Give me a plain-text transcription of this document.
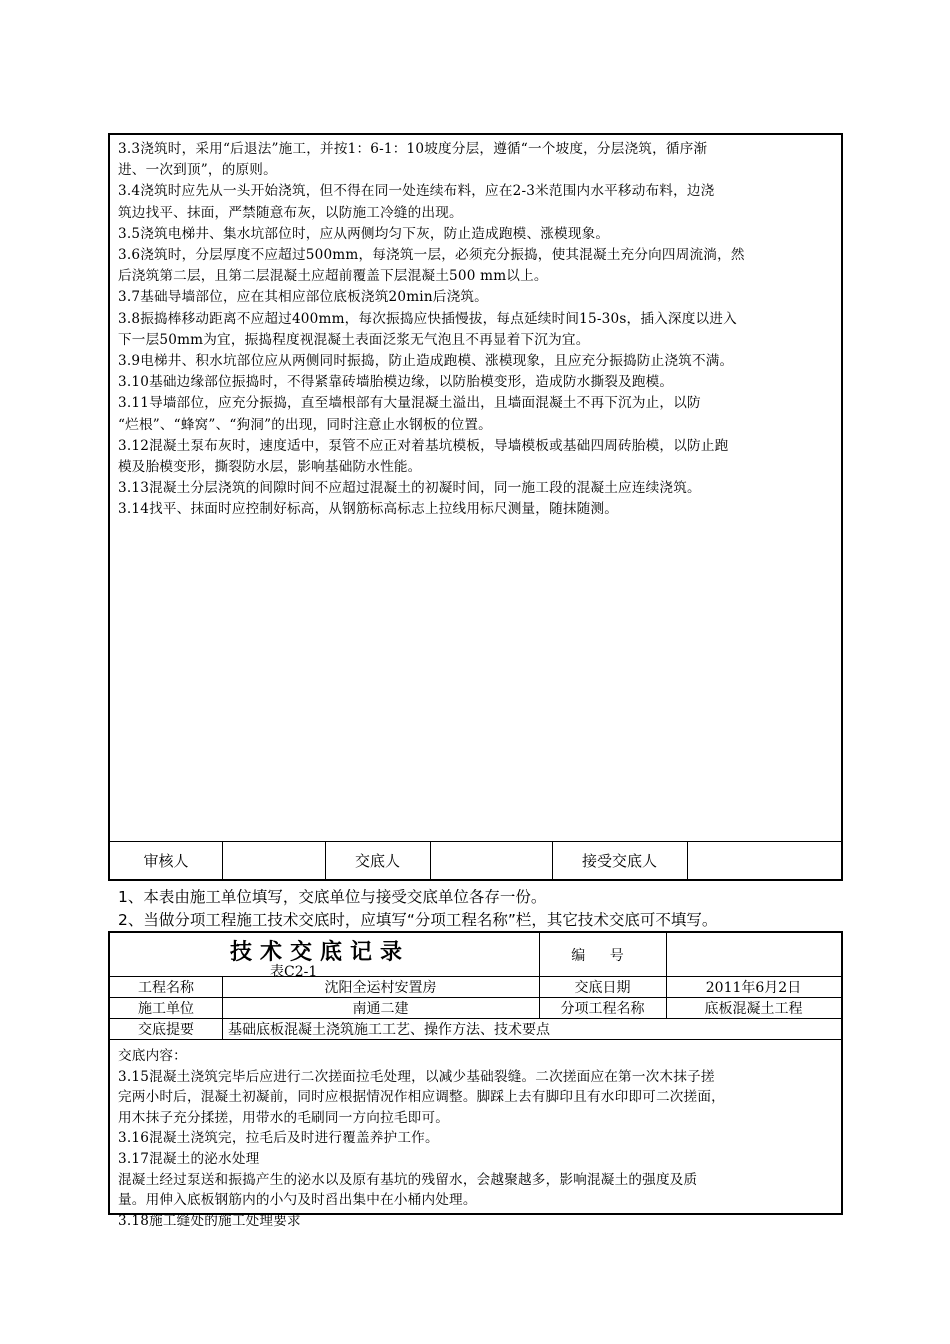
3.3浇筑时，采用“后退法”施工，并按1：6-1：10坡度分层，遵循“一个坡度，分层浇筑，循序渐
进、一次到顶”，的原则。
3.4浇筑时应先从一头开始浇筑，但不得在同一处连续布料，应在2-3米范围内水平移动布料，边浇
筑边找平、抹面，严禁随意布灰，以防施工冷缝的出现。
3.5浇筑电梯井、集水坑部位时，应从两侧均匀下灰，防止造成跑模、涨模现象。
3.6浇筑时，分层厚度不应超过500mm，每浇筑一层，必须充分振捣，使其混凝土充分向四周流淌，然
后浇筑第二层，且第二层混凝土应超前覆盖下层混凝土500 mm以上。
3.7基础导墙部位，应在其相应部位底板浇筑20min后浇筑。
3.8振捣棒移动距离不应超过400mm，每次振捣应快插慢拔，每点延续时间15-30s，插入深度以进入
下一层50mm为宜，振捣程度视混凝土表面泛浆无气泡且不再显着下沉为宜。
3.9电梯井、积水坑部位应从两侧同时振捣，防止造成跑模、涨模现象，且应充分振捣防止浇筑不满。
3.10基础边缘部位振捣时，不得紧靠砖墙胎模边缘，以防胎模变形，造成防水撕裂及跑模。
3.11导墙部位，应充分振捣，直至墙根部有大量混凝土溢出，且墙面混凝土不再下沉为止，以防
“烂根”、“蜂窝”、“狗洞”的出现，同时注意止水钢板的位置。
3.12混凝土泵布灰时，速度适中，泵管不应正对着基坑模板，导墙模板或基础四周砖胎模，以防止跑
模及胎模变形，撕裂防水层，影响基础防水性能。
3.13混凝土分层浇筑的间隙时间不应超过混凝土的初凝时间，同一施工段的混凝土应连续浇筑。
3.14找平、抹面时应控制好标高，从钢筋标高标志上拉线用标尺测量，随抹随测。
审核人	交底人	接受交底人
1、本表由施工单位填写，交底单位与接受交底单位各存一份。
2、当做分项工程施工技术交底时，应填写“分项工程名称”栏，其它技术交底可不填写。
技术交底记录
表C2-1
编 号
工程名称	沈阳全运村安置房	交底日期	2011年6月2日
施工单位	南通二建	分项工程名称	底板混凝土工程
交底提要	基础底板混凝土浇筑施工工艺、操作方法、技术要点
交底内容：
3.15混凝土浇筑完毕后应进行二次搓面拉毛处理，以减少基础裂缝。二次搓面应在第一次木抹子搓
完两小时后，混凝土初凝前，同时应根据情况作相应调整。脚踩上去有脚印且有水印即可二次搓面，
用木抹子充分揉搓，用带水的毛刷同一方向拉毛即可。
3.16混凝土浇筑完，拉毛后及时进行覆盖养护工作。
3.17混凝土的泌水处理
混凝土经过泵送和振捣产生的泌水以及原有基坑的残留水，会越聚越多，影响混凝土的强度及质
量。用伸入底板钢筋内的小勺及时舀出集中在小桶内处理。
3.18施工缝处的施工处理要求
